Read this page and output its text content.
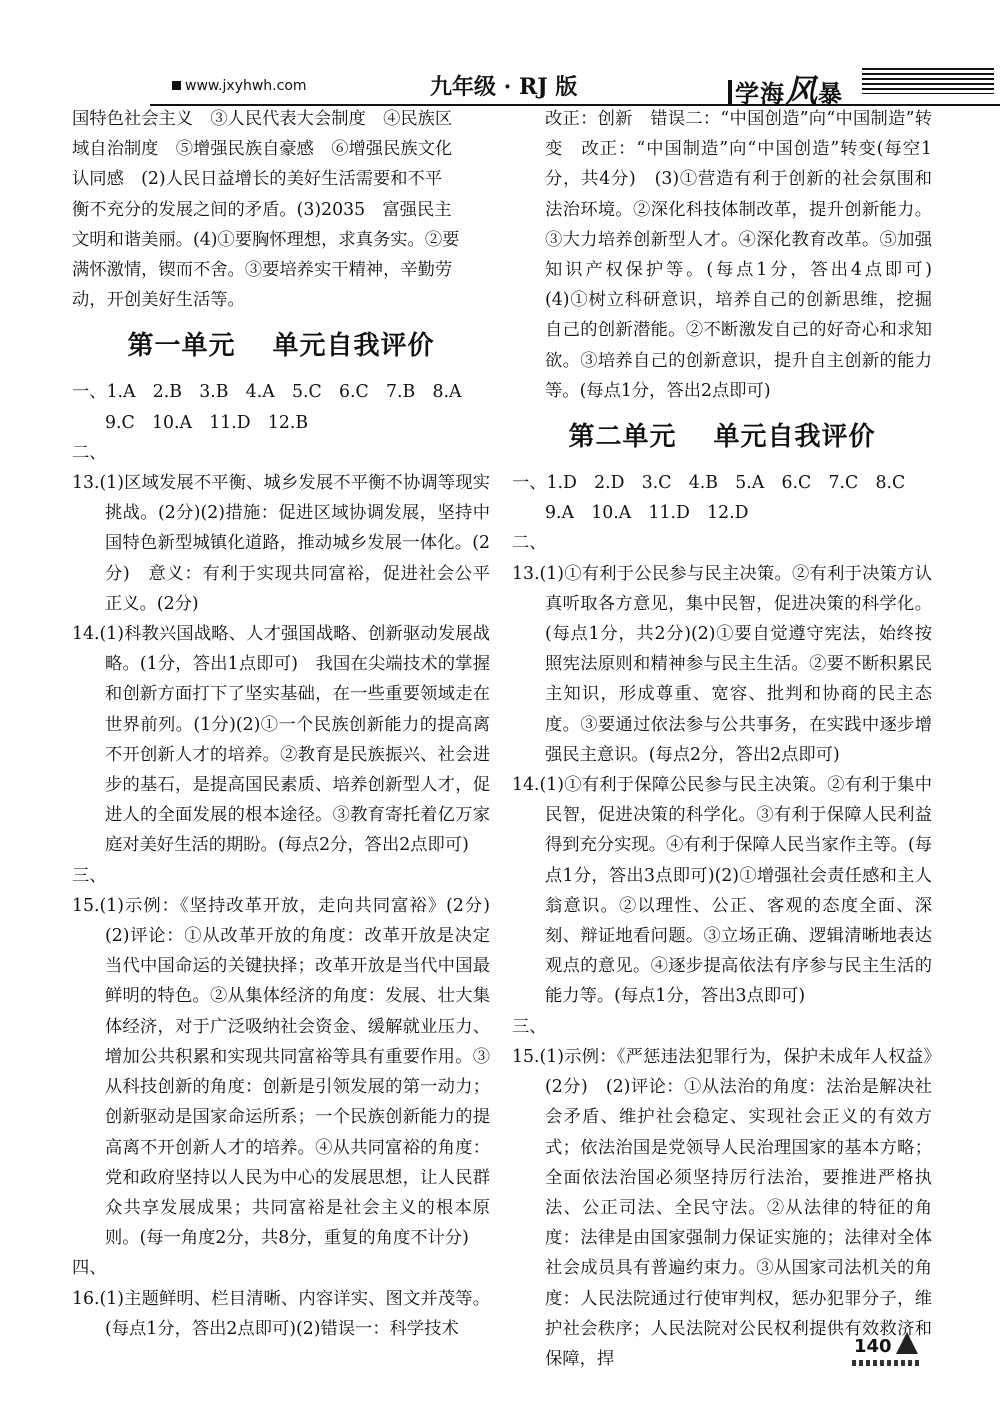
www.jxyhwh.com	九年级 · RJ 版	学海风暴

国特色社会主义　③人民代表大会制度　④民族区

域自治制度　⑤增强民族自豪感　⑥增强民族文化

认同感　(2)人民日益增长的美好生活需要和不平

衡不充分的发展之间的矛盾。(3)2035　富强民主

文明和谐美丽。(4)①要胸怀理想，求真务实。②要

满怀激情，锲而不舍。③要培养实干精神，辛勤劳

动，开创美好生活等。

第一单元　 单元自我评价

一、1.A　2.B　3.B　4.A　5.C　6.C　7.B　8.A

9.C　10.A　11.D　12.B

二、

13.(1)区域发展不平衡、城乡发展不平衡不协调等现实挑战。(2分)(2)措施：促进区域协调发展，坚持中国特色新型城镇化道路，推动城乡发展一体化。(2分)　意义：有利于实现共同富裕，促进社会公平正义。(2分)

14.(1)科教兴国战略、人才强国战略、创新驱动发展战略。(1分，答出1点即可)　我国在尖端技术的掌握和创新方面打下了坚实基础，在一些重要领域走在世界前列。(1分)(2)①一个民族创新能力的提高离不开创新人才的培养。②教育是民族振兴、社会进步的基石，是提高国民素质、培养创新型人才，促进人的全面发展的根本途径。③教育寄托着亿万家庭对美好生活的期盼。(每点2分，答出2点即可)

三、

15.(1)示例：《坚持改革开放，走向共同富裕》(2分)(2)评论：①从改革开放的角度：改革开放是决定当代中国命运的关键抉择；改革开放是当代中国最鲜明的特色。②从集体经济的角度：发展、壮大集体经济，对于广泛吸纳社会资金、缓解就业压力、增加公共积累和实现共同富裕等具有重要作用。③从科技创新的角度：创新是引领发展的第一动力；创新驱动是国家命运所系；一个民族创新能力的提高离不开创新人才的培养。④从共同富裕的角度：党和政府坚持以人民为中心的发展思想，让人民群众共享发展成果；共同富裕是社会主义的根本原则。(每一角度2分，共8分，重复的角度不计分)

四、

16.(1)主题鲜明、栏目清晰、内容详实、图文并茂等。(每点1分，答出2点即可)(2)错误一：科学技术

改正：创新　错误二：“中国创造”向“中国制造”转变　改正：“中国制造”向“中国创造”转变(每空1分，共4分)　(3)①营造有利于创新的社会氛围和法治环境。②深化科技体制改革，提升创新能力。③大力培养创新型人才。④深化教育改革。⑤加强知识产权保护等。(每点1分，答出4点即可)　(4)①树立科研意识，培养自己的创新思维，挖掘自己的创新潜能。②不断激发自己的好奇心和求知欲。③培养自己的创新意识，提升自主创新的能力等。(每点1分，答出2点即可)

第二单元　 单元自我评价

一、1.D　2.D　3.C　4.B　5.A　6.C　7.C　8.C

9.A　10.A　11.D　12.D

二、

13.(1)①有利于公民参与民主决策。②有利于决策方认真听取各方意见，集中民智，促进决策的科学化。(每点1分，共2分)(2)①要自觉遵守宪法，始终按照宪法原则和精神参与民主生活。②要不断积累民主知识，形成尊重、宽容、批判和协商的民主态度。③要通过依法参与公共事务，在实践中逐步增强民主意识。(每点2分，答出2点即可)

14.(1)①有利于保障公民参与民主决策。②有利于集中民智，促进决策的科学化。③有利于保障人民利益得到充分实现。④有利于保障人民当家作主等。(每点1分，答出3点即可)(2)①增强社会责任感和主人翁意识。②以理性、公正、客观的态度全面、深刻、辩证地看问题。③立场正确、逻辑清晰地表达观点的意见。④逐步提高依法有序参与民主生活的能力等。(每点1分，答出3点即可)

三、

15.(1)示例：《严惩违法犯罪行为，保护未成年人权益》(2分)　(2)评论：①从法治的角度：法治是解决社会矛盾、维护社会稳定、实现社会正义的有效方式；依法治国是党领导人民治理国家的基本方略；全面依法治国必须坚持厉行法治，要推进严格执法、公正司法、全民守法。②从法律的特征的角度：法律是由国家强制力保证实施的；法律对全体社会成员具有普遍约束力。③从国家司法机关的角度：人民法院通过行使审判权，惩办犯罪分子，维护社会秩序；人民法院对公民权利提供有效救济和保障，捍

140
